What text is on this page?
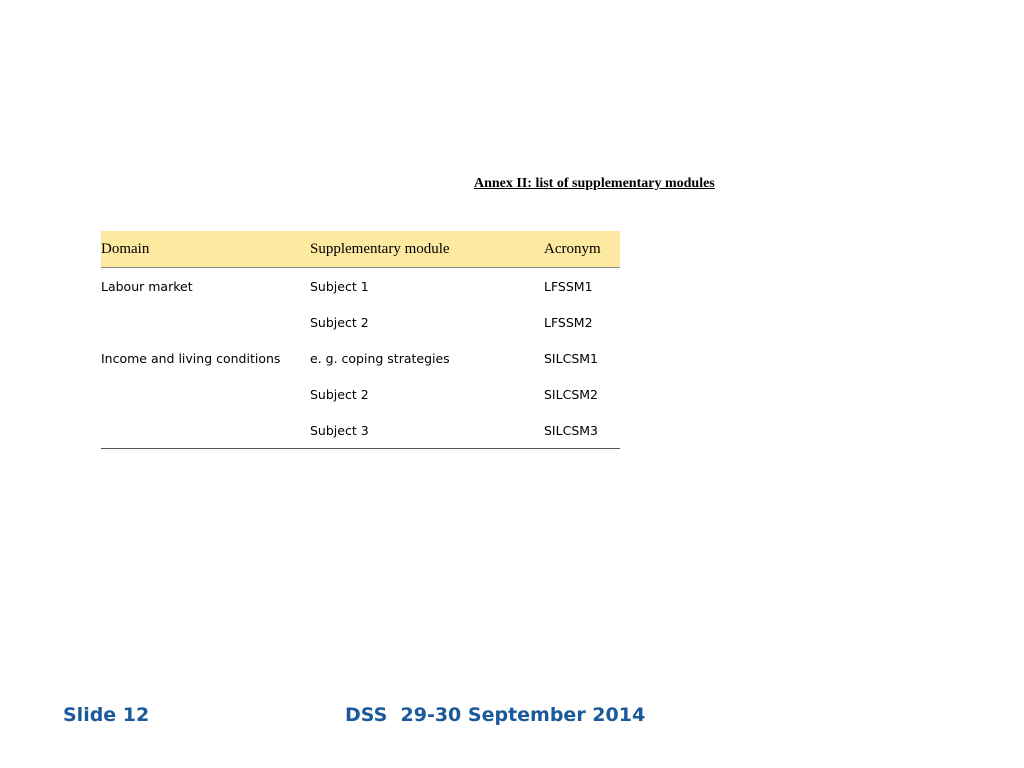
Annex II: list of supplementary modules
Domain	Supplementary module	Acronym
Labour market	Subject 1	LFSSM1
	Subject 2	LFSSM2
Income and living conditions	e. g. coping strategies	SILCSM1
	Subject 2	SILCSM2
	Subject 3	SILCSM3
Slide 12	DSS  29-30 September 2014
